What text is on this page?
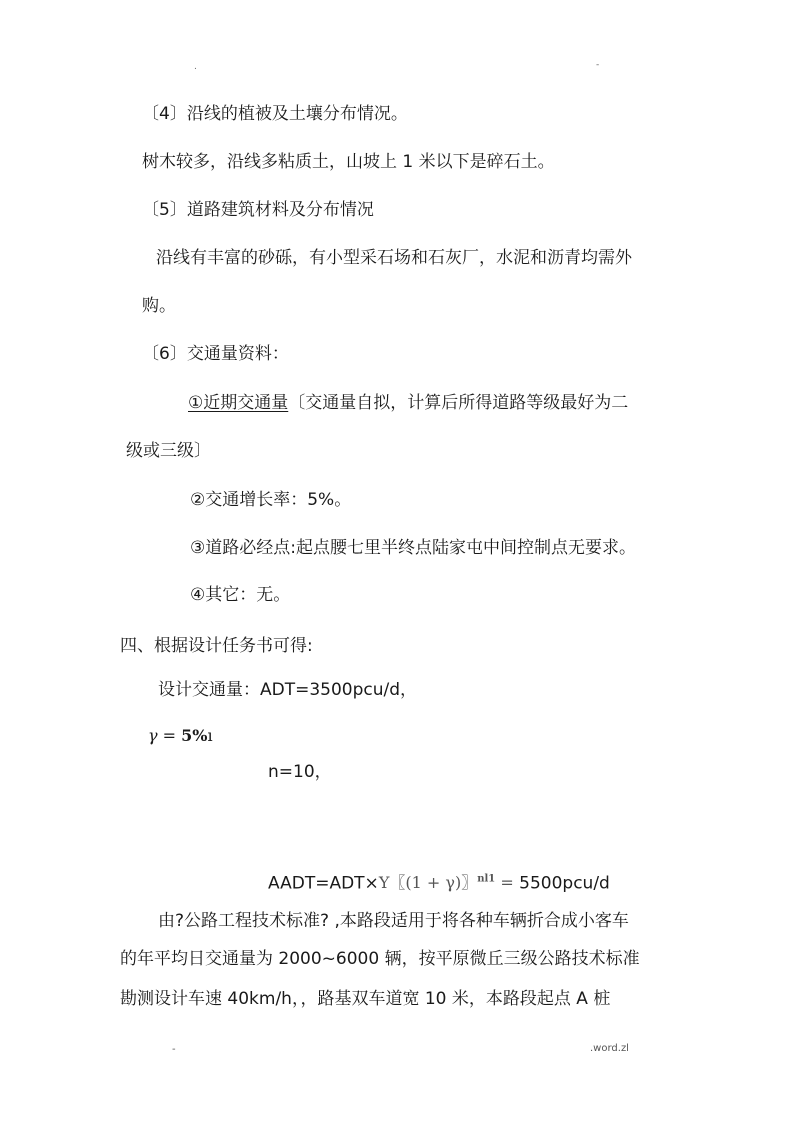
.	-
〔4〕沿线的植被及土壤分布情况。
树木较多，沿线多粘质土，山坡上 1 米以下是碎石土。
〔5〕道路建筑材料及分布情况
沿线有丰富的砂砾，有小型采石场和石灰厂，水泥和沥青均需外
购。
〔6〕交通量资料：
①近期交通量〔交通量自拟，计算后所得道路等级最好为二
级或三级〕
②交通增长率：5%。
③道路必经点:起点腰七里半终点陆家屯中间控制点无要求。
④其它：无。
四、根据设计任务书可得:
设计交通量：ADT=3500pcu/d，
γ = 5%ı
n=10，
AADT=ADT×Y〖(1 + γ)〗$^{nl1}$ = 5500pcu/d
由?公路工程技术标准? ,本路段适用于将各种车辆折合成小客车
的年平均日交通量为 2000~6000 辆，按平原微丘三级公路技术标准
勘测设计车速 40km/h，，路基双车道宽 10 米，本路段起点 A 桩
-	.word.zl
